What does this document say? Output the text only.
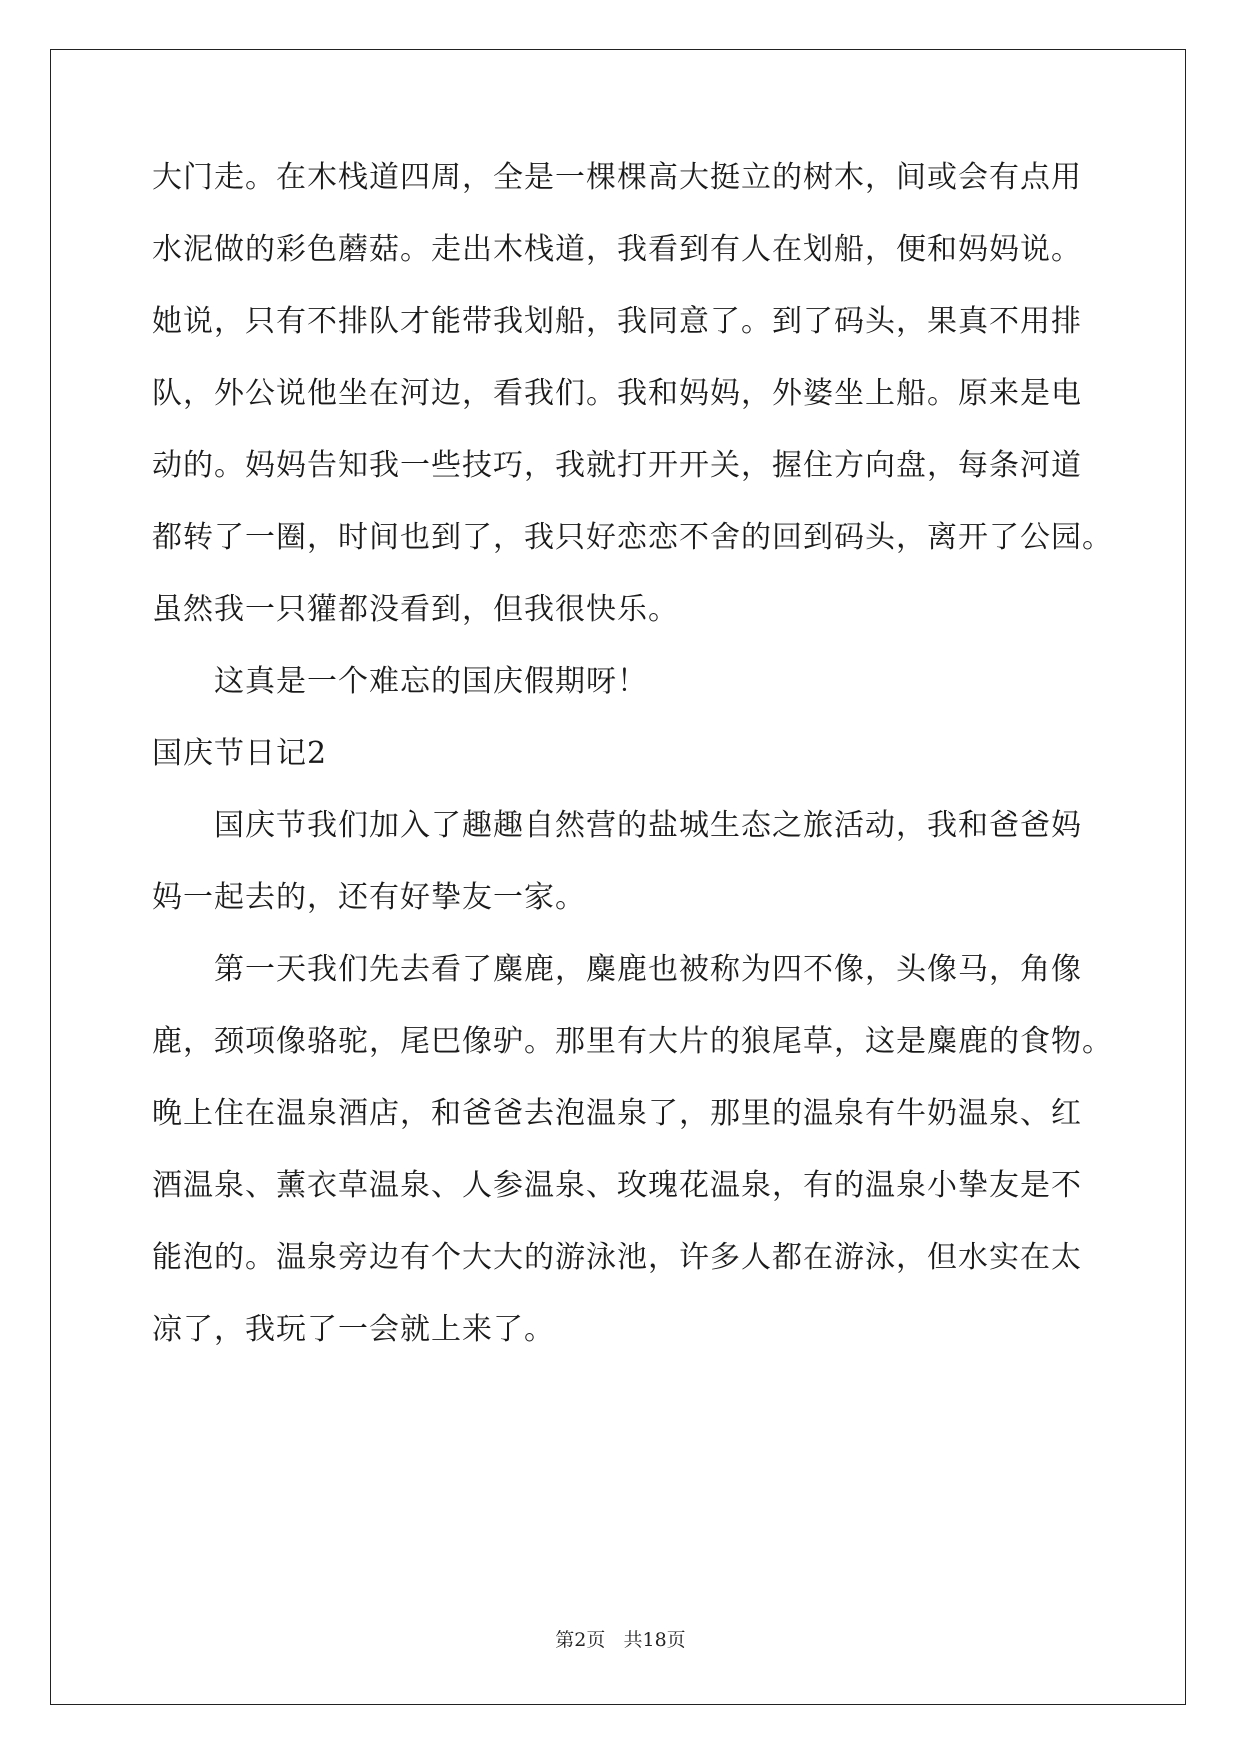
大门走。在木栈道四周，全是一棵棵高大挺立的树木，间或会有点用
水泥做的彩色蘑菇。走出木栈道，我看到有人在划船，便和妈妈说。
她说，只有不排队才能带我划船，我同意了。到了码头，果真不用排
队，外公说他坐在河边，看我们。我和妈妈，外婆坐上船。原来是电
动的。妈妈告知我一些技巧，我就打开开关，握住方向盘，每条河道
都转了一圈，时间也到了，我只好恋恋不舍的回到码头，离开了公园。
虽然我一只獾都没看到，但我很快乐。
这真是一个难忘的国庆假期呀！
国庆节日记2
国庆节我们加入了趣趣自然营的盐城生态之旅活动，我和爸爸妈
妈一起去的，还有好挚友一家。
第一天我们先去看了麋鹿，麋鹿也被称为四不像，头像马，角像
鹿，颈项像骆驼，尾巴像驴。那里有大片的狼尾草，这是麋鹿的食物。
晚上住在温泉酒店，和爸爸去泡温泉了，那里的温泉有牛奶温泉、红
酒温泉、薰衣草温泉、人参温泉、玫瑰花温泉，有的温泉小挚友是不
能泡的。温泉旁边有个大大的游泳池，许多人都在游泳，但水实在太
凉了，我玩了一会就上来了。
第2页   共18页
